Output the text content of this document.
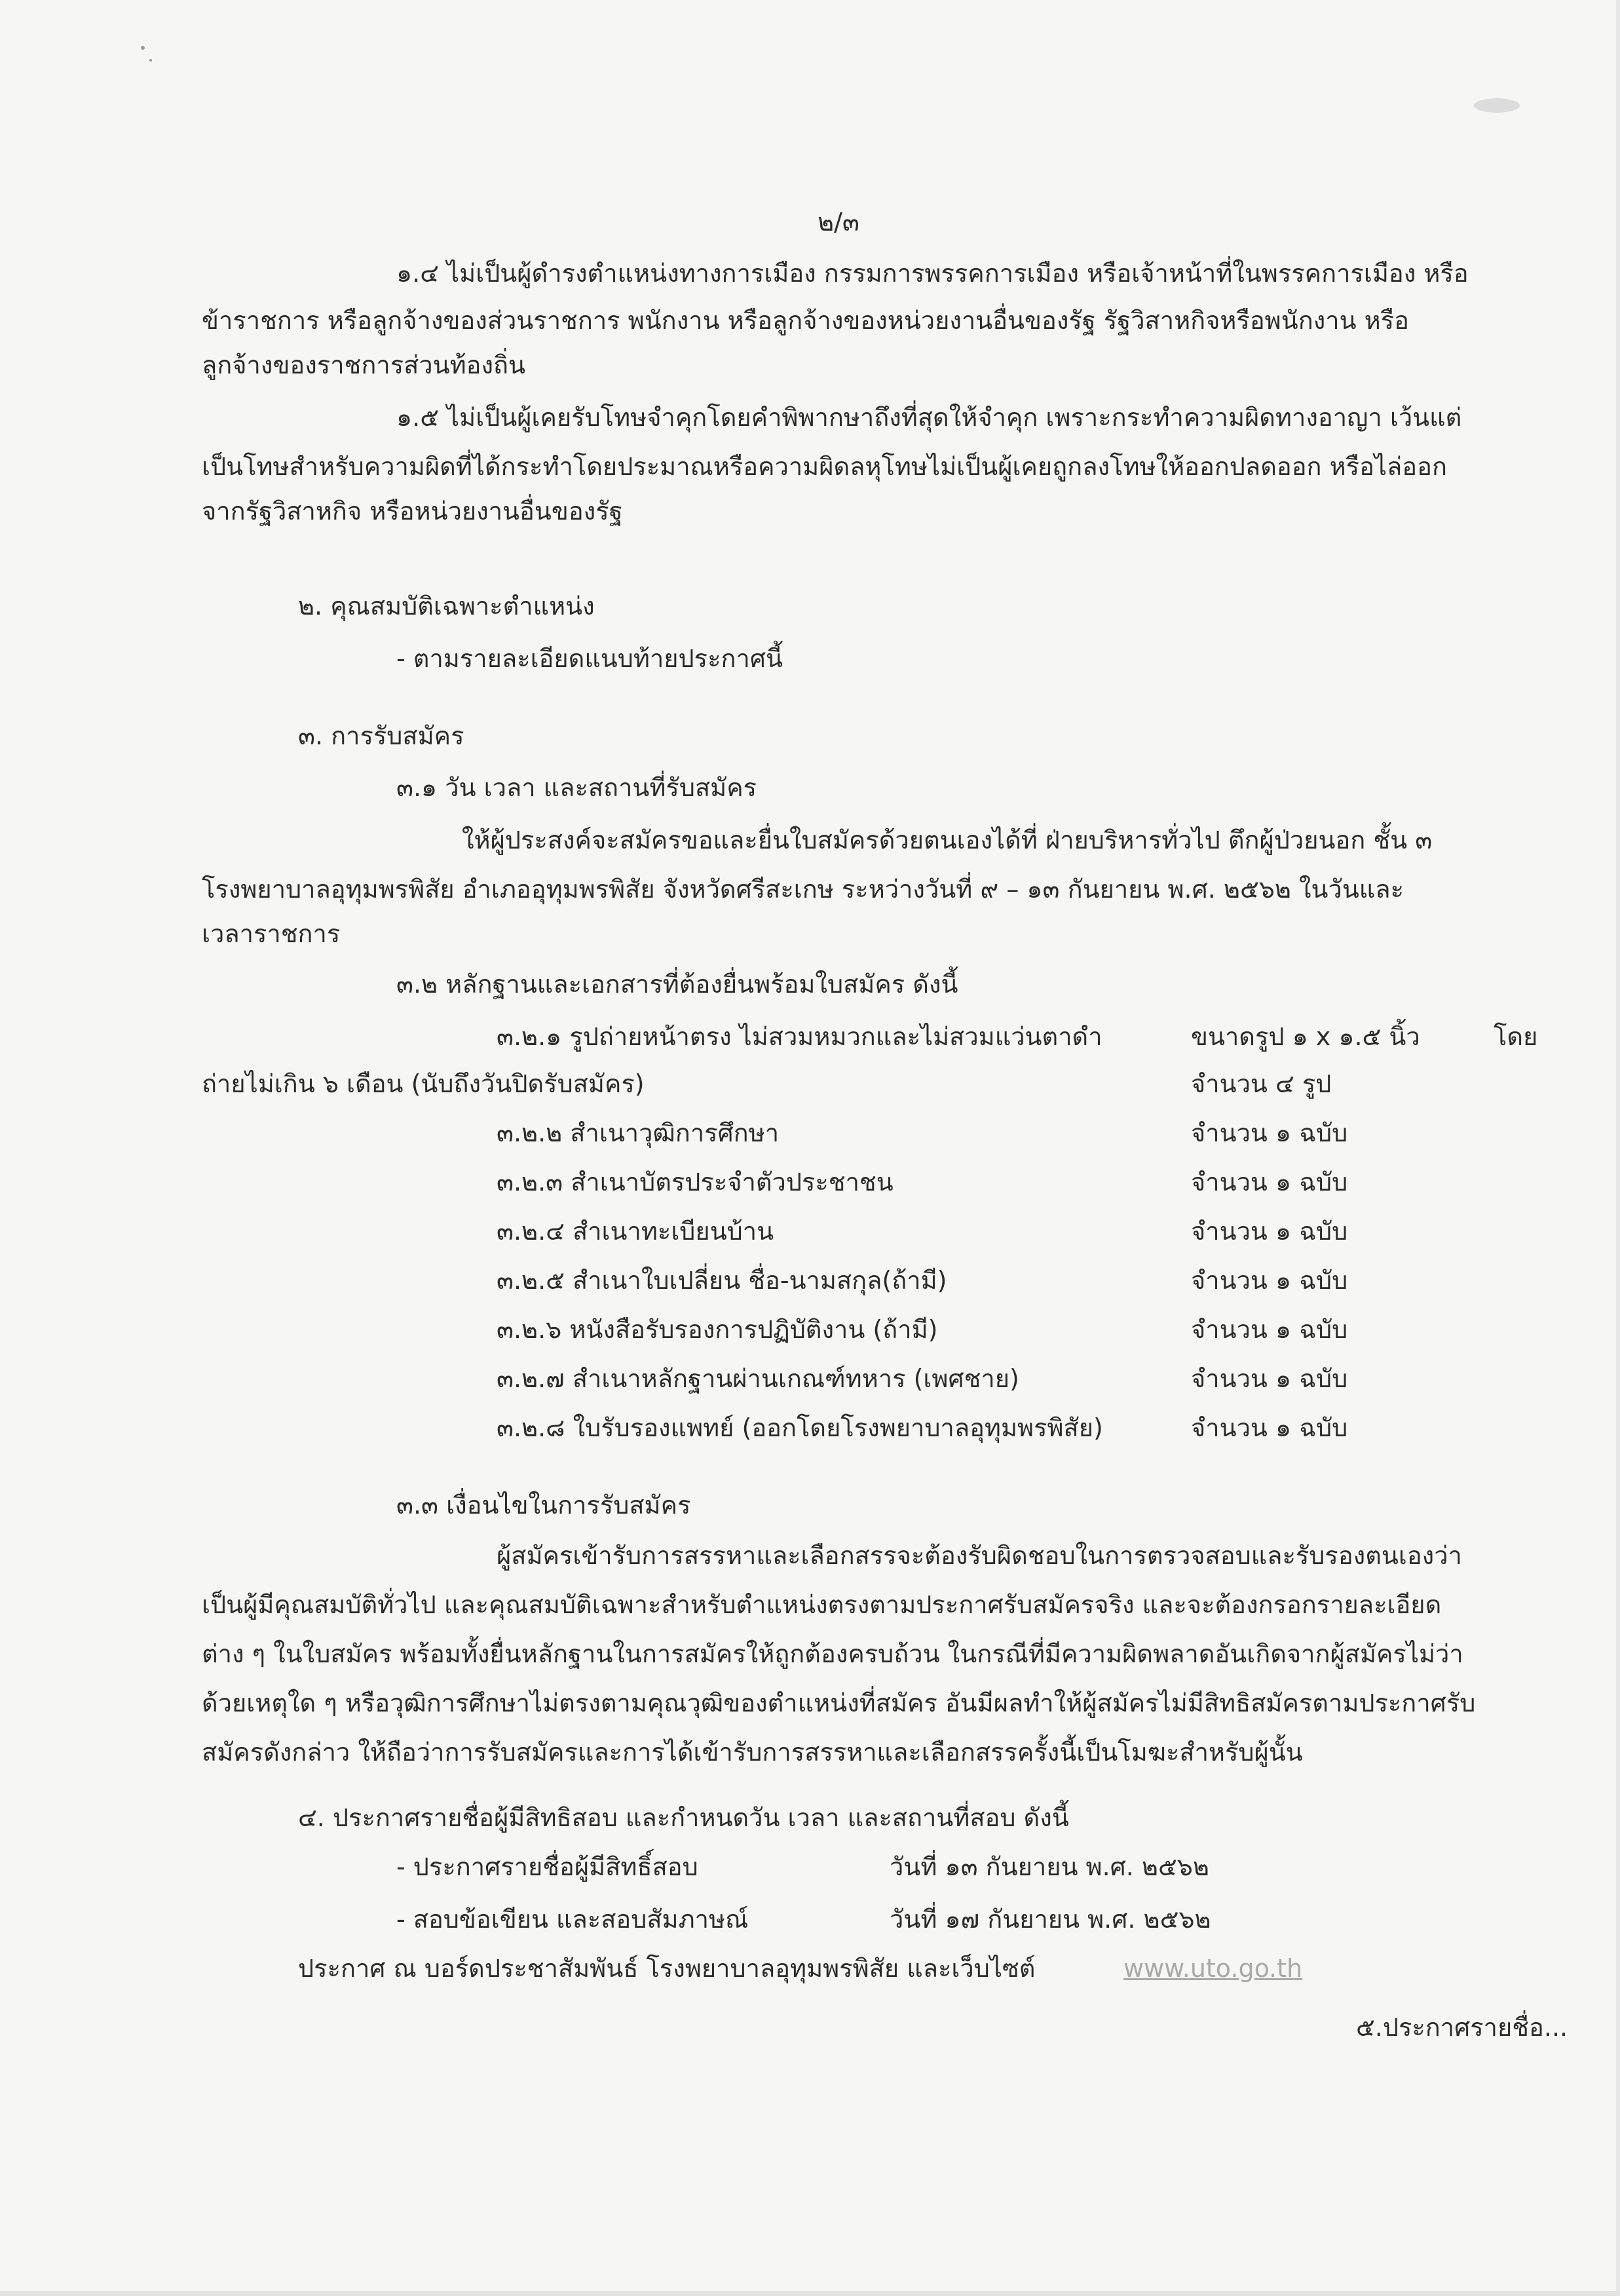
๒/๓
๑.๔ ไม่เป็นผู้ดำรงตำแหน่งทางการเมือง กรรมการพรรคการเมือง หรือเจ้าหน้าที่ในพรรคการเมือง หรือ
ข้าราชการ หรือลูกจ้างของส่วนราชการ พนักงาน หรือลูกจ้างของหน่วยงานอื่นของรัฐ รัฐวิสาหกิจหรือพนักงาน หรือ
ลูกจ้างของราชการส่วนท้องถิ่น
๑.๕ ไม่เป็นผู้เคยรับโทษจำคุกโดยคำพิพากษาถึงที่สุดให้จำคุก เพราะกระทำความผิดทางอาญา เว้นแต่
เป็นโทษสำหรับความผิดที่ได้กระทำโดยประมาณหรือความผิดลหุโทษไม่เป็นผู้เคยถูกลงโทษให้ออกปลดออก หรือไล่ออก
จากรัฐวิสาหกิจ หรือหน่วยงานอื่นของรัฐ
๒. คุณสมบัติเฉพาะตำแหน่ง
- ตามรายละเอียดแนบท้ายประกาศนี้
๓. การรับสมัคร
๓.๑ วัน เวลา และสถานที่รับสมัคร
ให้ผู้ประสงค์จะสมัครขอและยื่นใบสมัครด้วยตนเองได้ที่ ฝ่ายบริหารทั่วไป ตึกผู้ป่วยนอก ชั้น ๓
โรงพยาบาลอุทุมพรพิสัย อำเภออุทุมพรพิสัย จังหวัดศรีสะเกษ ระหว่างวันที่ ๙ – ๑๓ กันยายน พ.ศ. ๒๕๖๒ ในวันและ
เวลาราชการ
๓.๒ หลักฐานและเอกสารที่ต้องยื่นพร้อมใบสมัคร ดังนี้
๓.๒.๑ รูปถ่ายหน้าตรง ไม่สวมหมวกและไม่สวมแว่นตาดำ	ขนาดรูป ๑ x ๑.๕ นิ้ว	โดย
ถ่ายไม่เกิน ๖ เดือน (นับถึงวันปิดรับสมัคร)	จำนวน ๔ รูป
๓.๒.๒ สำเนาวุฒิการศึกษา	จำนวน ๑ ฉบับ
๓.๒.๓ สำเนาบัตรประจำตัวประชาชน	จำนวน ๑ ฉบับ
๓.๒.๔ สำเนาทะเบียนบ้าน	จำนวน ๑ ฉบับ
๓.๒.๕ สำเนาใบเปลี่ยน ชื่อ-นามสกุล(ถ้ามี)	จำนวน ๑ ฉบับ
๓.๒.๖ หนังสือรับรองการปฏิบัติงาน (ถ้ามี)	จำนวน ๑ ฉบับ
๓.๒.๗ สำเนาหลักฐานผ่านเกณฑ์ทหาร (เพศชาย)	จำนวน ๑ ฉบับ
๓.๒.๘ ใบรับรองแพทย์ (ออกโดยโรงพยาบาลอุทุมพรพิสัย)	จำนวน ๑ ฉบับ
๓.๓ เงื่อนไขในการรับสมัคร
ผู้สมัครเข้ารับการสรรหาและเลือกสรรจะต้องรับผิดชอบในการตรวจสอบและรับรองตนเองว่า
เป็นผู้มีคุณสมบัติทั่วไป และคุณสมบัติเฉพาะสำหรับตำแหน่งตรงตามประกาศรับสมัครจริง และจะต้องกรอกรายละเอียด
ต่าง ๆ ในใบสมัคร พร้อมทั้งยื่นหลักฐานในการสมัครให้ถูกต้องครบถ้วน ในกรณีที่มีความผิดพลาดอันเกิดจากผู้สมัครไม่ว่า
ด้วยเหตุใด ๆ หรือวุฒิการศึกษาไม่ตรงตามคุณวุฒิของตำแหน่งที่สมัคร อันมีผลทำให้ผู้สมัครไม่มีสิทธิสมัครตามประกาศรับ
สมัครดังกล่าว ให้ถือว่าการรับสมัครและการได้เข้ารับการสรรหาและเลือกสรรครั้งนี้เป็นโมฆะสำหรับผู้นั้น
๔. ประกาศรายชื่อผู้มีสิทธิสอบ และกำหนดวัน เวลา และสถานที่สอบ ดังนี้
- ประกาศรายชื่อผู้มีสิทธิ์สอบ	วันที่ ๑๓ กันยายน พ.ศ. ๒๕๖๒
- สอบข้อเขียน และสอบสัมภาษณ์	วันที่ ๑๗ กันยายน พ.ศ. ๒๕๖๒
ประกาศ ณ บอร์ดประชาสัมพันธ์ โรงพยาบาลอุทุมพรพิสัย และเว็บไซต์	www.uto.go.th
๕.ประกาศรายชื่อ...
